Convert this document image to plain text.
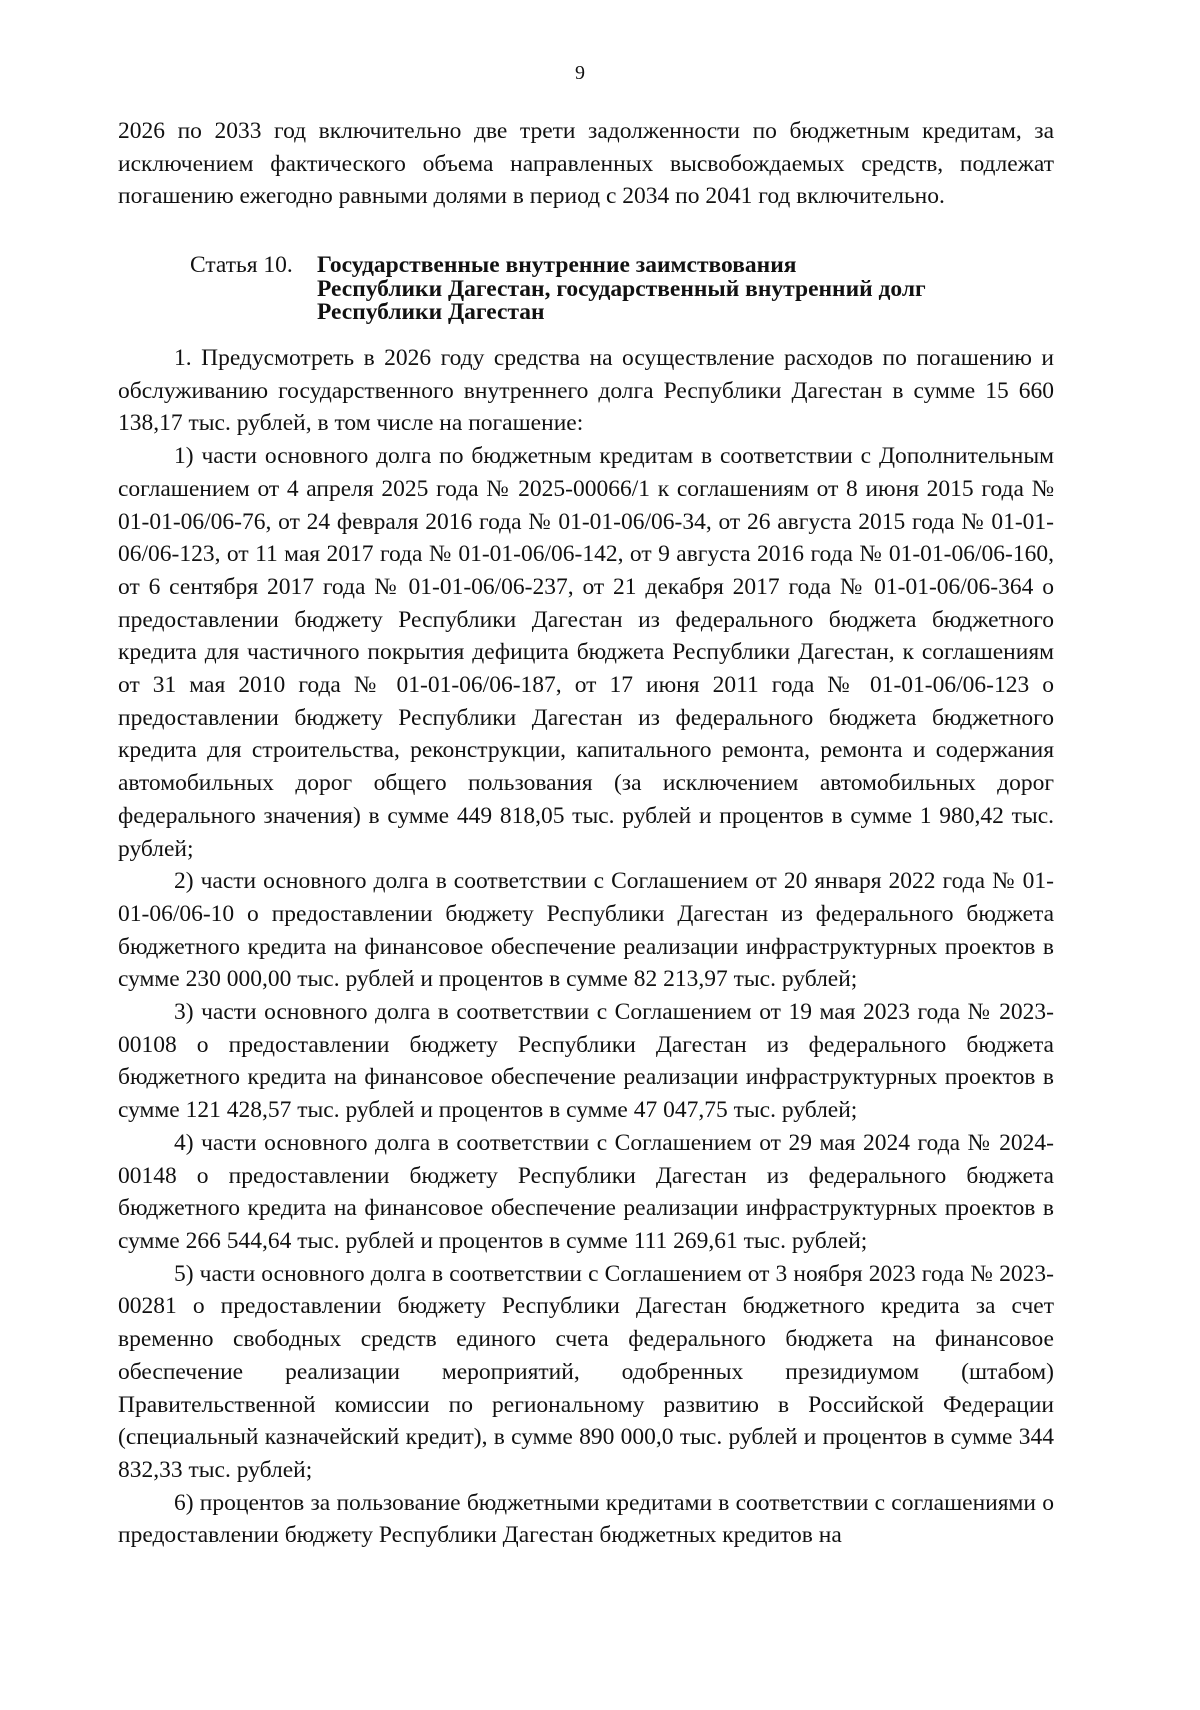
9

2026 по 2033 год включительно две трети задолженности по бюджетным кредитам, за исключением фактического объема направленных высвобождаемых средств, подлежат погашению ежегодно равными долями в период с 2034 по 2041 год включительно.

Статья 10. Государственные внутренние заимствования
Республики Дагестан, государственный внутренний долг
Республики Дагестан

1. Предусмотреть в 2026 году средства на осуществление расходов по погашению и обслуживанию государственного внутреннего долга Республики Дагестан в сумме 15 660 138,17 тыс. рублей, в том числе на погашение:

1) части основного долга по бюджетным кредитам в соответствии с Дополнительным соглашением от 4 апреля 2025 года № 2025-00066/1 к соглашениям от 8 июня 2015 года № 01-01-06/06-76, от 24 февраля 2016 года № 01-01-06/06-34, от 26 августа 2015 года № 01-01-06/06-123, от 11 мая 2017 года № 01-01-06/06-142, от 9 августа 2016 года № 01-01-06/06-160, от 6 сентября 2017 года № 01-01-06/06-237, от 21 декабря 2017 года № 01-01-06/06-364 о предоставлении бюджету Республики Дагестан из федерального бюджета бюджетного кредита для частичного покрытия дефицита бюджета Республики Дагестан, к соглашениям от 31 мая 2010 года № 01-01-06/06-187, от 17 июня 2011 года № 01-01-06/06-123 о предоставлении бюджету Республики Дагестан из федерального бюджета бюджетного кредита для строительства, реконструкции, капитального ремонта, ремонта и содержания автомобильных дорог общего пользования (за исключением автомобильных дорог федерального значения) в сумме 449 818,05 тыс. рублей и процентов в сумме 1 980,42 тыс. рублей;

2) части основного долга в соответствии с Соглашением от 20 января 2022 года № 01-01-06/06-10 о предоставлении бюджету Республики Дагестан из федерального бюджета бюджетного кредита на финансовое обеспечение реализации инфраструктурных проектов в сумме 230 000,00 тыс. рублей и процентов в сумме 82 213,97 тыс. рублей;

3) части основного долга в соответствии с Соглашением от 19 мая 2023 года № 2023-00108 о предоставлении бюджету Республики Дагестан из федерального бюджета бюджетного кредита на финансовое обеспечение реализации инфраструктурных проектов в сумме 121 428,57 тыс. рублей и процентов в сумме 47 047,75 тыс. рублей;

4) части основного долга в соответствии с Соглашением от 29 мая 2024 года № 2024-00148 о предоставлении бюджету Республики Дагестан из федерального бюджета бюджетного кредита на финансовое обеспечение реализации инфраструктурных проектов в сумме 266 544,64 тыс. рублей и процентов в сумме 111 269,61 тыс. рублей;

5) части основного долга в соответствии с Соглашением от 3 ноября 2023 года № 2023-00281 о предоставлении бюджету Республики Дагестан бюджетного кредита за счет временно свободных средств единого счета федерального бюджета на финансовое обеспечение реализации мероприятий, одобренных президиумом (штабом) Правительственной комиссии по региональному развитию в Российской Федерации (специальный казначейский кредит), в сумме 890 000,0 тыс. рублей и процентов в сумме 344 832,33 тыс. рублей;

6) процентов за пользование бюджетными кредитами в соответствии с соглашениями о предоставлении бюджету Республики Дагестан бюджетных кредитов на
